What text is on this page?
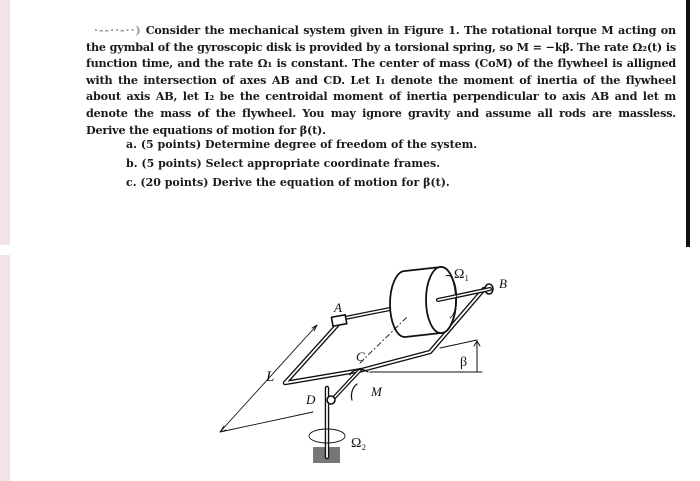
·--··-··) Consider the mechanical system given in Figure 1. The rotational torque M acting on the gymbal of the gyroscopic disk is provided by a torsional spring, so M = −kβ. The rate Ω₂(t) is function time, and the rate Ω₁ is constant. The center of mass (CoM) of the flywheel is alligned with the intersection of axes AB and CD. Let I₁ denote the moment of inertia of the flywheel about axis AB, let I₂ be the centroidal moment of inertia perpendicular to axis AB and let m denote the mass of the flywheel. You may ignore gravity and assume all rods are massless. Derive the equations of motion for β(t).

a. (5 points) Determine degree of freedom of the system.
b. (5 points) Select appropriate coordinate frames.
c. (20 points) Derive the equation of motion for β(t).
A
B
C
D
L
M
β
Ω₁
Ω₂
